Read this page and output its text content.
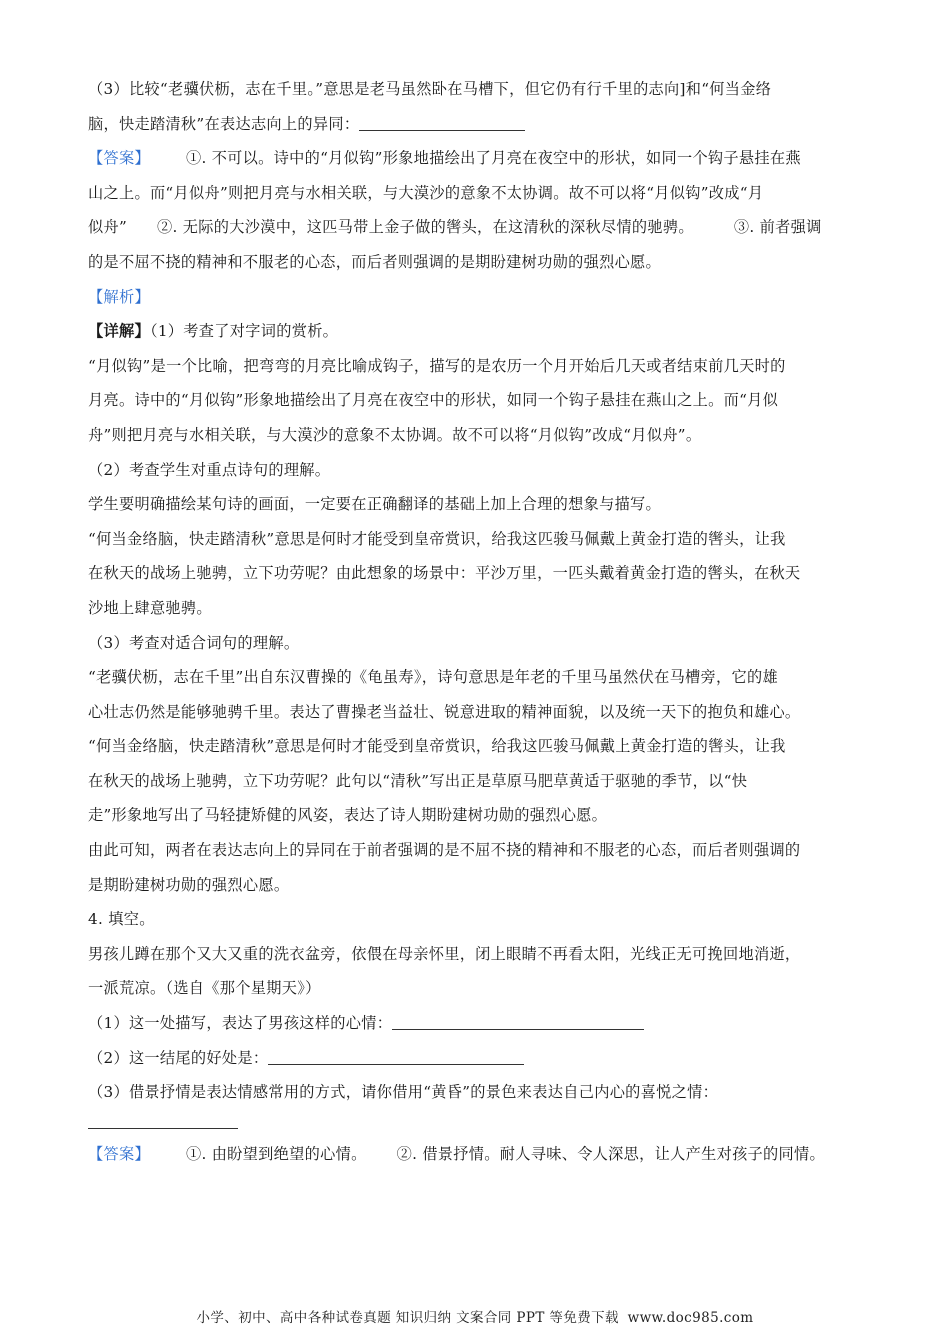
（3）比较“老骥伏枥，志在千里。”意思是老马虽然卧在马槽下，但它仍有行千里的志向]和“何当金络

脑，快走踏清秋”在表达志向上的异同：

【答案】 ①. 不可以。诗中的“月似钩”形象地描绘出了月亮在夜空中的形状，如同一个钩子悬挂在燕

山之上。而“月似舟”则把月亮与水相关联，与大漠沙的意象不太协调。故不可以将“月似钩”改成“月

似舟” ②. 无际的大沙漠中，这匹马带上金子做的辔头，在这清秋的深秋尽情的驰骋。	③. 前者强调

的是不屈不挠的精神和不服老的心态，而后者则强调的是期盼建树功勋的强烈心愿。

【解析】

【详解】（1）考查了对字词的赏析。

“月似钩”是一个比喻，把弯弯的月亮比喻成钩子，描写的是农历一个月开始后几天或者结束前几天时的

月亮。诗中的“月似钩”形象地描绘出了月亮在夜空中的形状，如同一个钩子悬挂在燕山之上。而“月似

舟”则把月亮与水相关联，与大漠沙的意象不太协调。故不可以将“月似钩”改成“月似舟”。

（2）考查学生对重点诗句的理解。

学生要明确描绘某句诗的画面，一定要在正确翻译的基础上加上合理的想象与描写。

“何当金络脑，快走踏清秋”意思是何时才能受到皇帝赏识，给我这匹骏马佩戴上黄金打造的辔头，让我

在秋天的战场上驰骋，立下功劳呢？由此想象的场景中：平沙万里，一匹头戴着黄金打造的辔头，在秋天

沙地上肆意驰骋。

（3）考查对适合词句的理解。

“老骥伏枥，志在千里”出自东汉曹操的《龟虽寿》，诗句意思是年老的千里马虽然伏在马槽旁，它的雄

心壮志仍然是能够驰骋千里。表达了曹操老当益壮、锐意进取的精神面貌，以及统一天下的抱负和雄心。

“何当金络脑，快走踏清秋”意思是何时才能受到皇帝赏识，给我这匹骏马佩戴上黄金打造的辔头，让我

在秋天的战场上驰骋，立下功劳呢？此句以“清秋”写出正是草原马肥草黄适于驱驰的季节，以“快

走”形象地写出了马轻捷矫健的风姿，表达了诗人期盼建树功勋的强烈心愿。

由此可知，两者在表达志向上的异同在于前者强调的是不屈不挠的精神和不服老的心态，而后者则强调的

是期盼建树功勋的强烈心愿。

4. 填空。

男孩儿蹲在那个又大又重的洗衣盆旁，依偎在母亲怀里，闭上眼睛不再看太阳，光线正无可挽回地消逝，

一派荒凉。（选自《那个星期天》）

（1）这一处描写，表达了男孩这样的心情：

（2）这一结尾的好处是：

（3）借景抒情是表达情感常用的方式，请你借用“黄昏”的景色来表达自己内心的喜悦之情：

【答案】 ①. 由盼望到绝望的心情。 ②. 借景抒情。耐人寻味、令人深思，让人产生对孩子的同情。

小学、初中、高中各种试卷真题 知识归纳 文案合同 PPT 等免费下载 www.doc985.com
